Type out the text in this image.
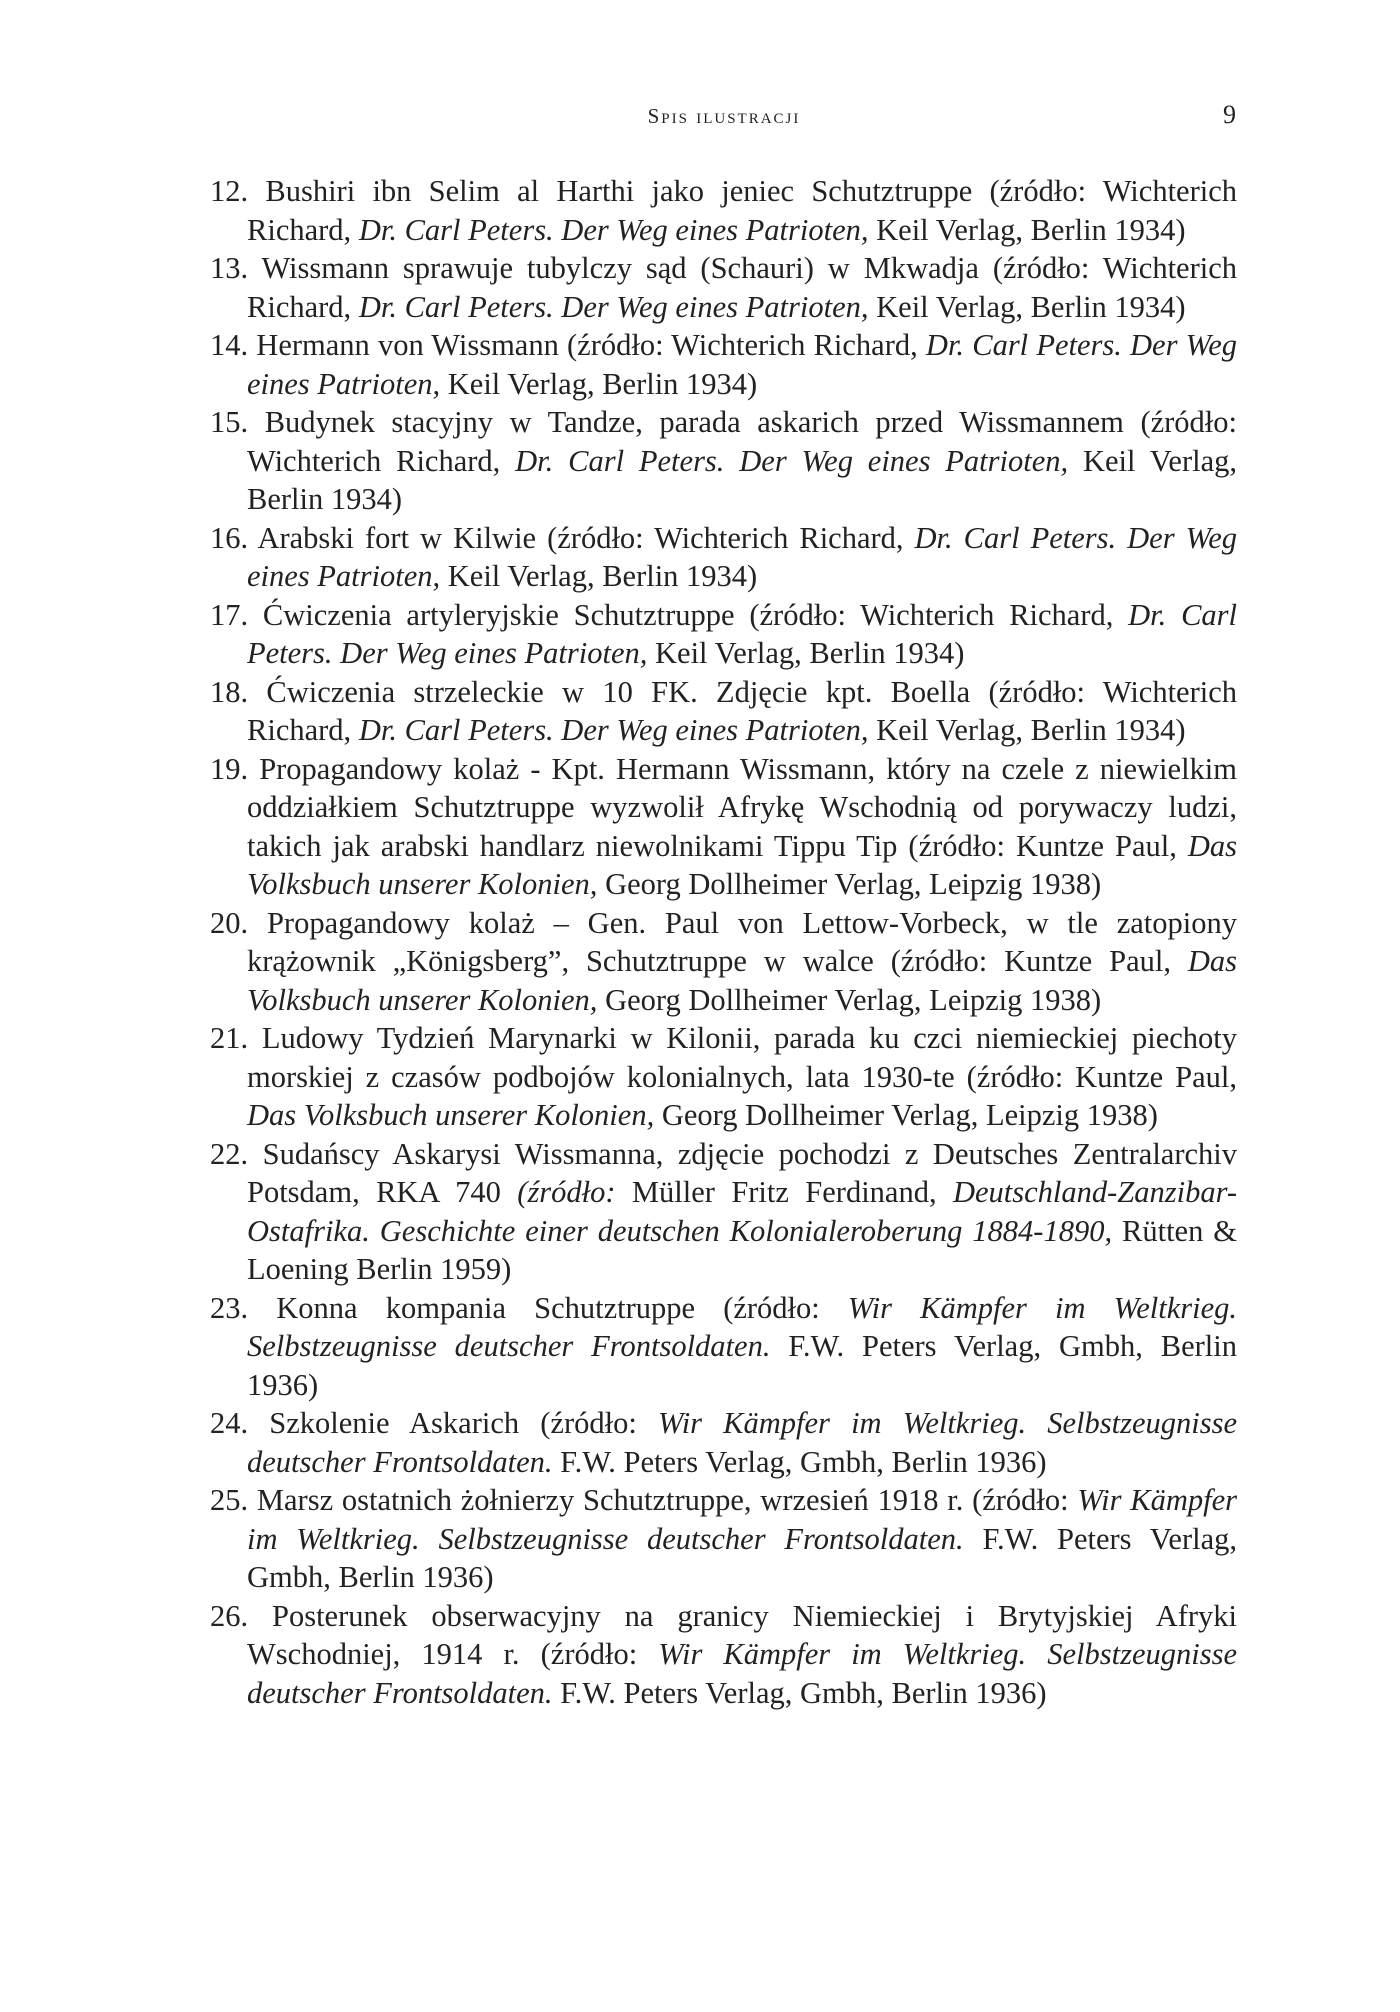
Spis ilustracji	9
12. Bushiri ibn Selim al Harthi jako jeniec Schutztruppe (źródło: Wichterich Richard, Dr. Carl Peters. Der Weg eines Patrioten, Keil Verlag, Berlin 1934)
13. Wissmann sprawuje tubylczy sąd (Schauri) w Mkwadja (źródło: Wichterich Richard, Dr. Carl Peters. Der Weg eines Patrioten, Keil Verlag, Berlin 1934)
14. Hermann von Wissmann (źródło: Wichterich Richard, Dr. Carl Peters. Der Weg eines Patrioten, Keil Verlag, Berlin 1934)
15. Budynek stacyjny w Tandze, parada askarich przed Wissmannem (źródło: Wichterich Richard, Dr. Carl Peters. Der Weg eines Patrioten, Keil Verlag, Berlin 1934)
16. Arabski fort w Kilwie (źródło: Wichterich Richard, Dr. Carl Peters. Der Weg eines Patrioten, Keil Verlag, Berlin 1934)
17. Ćwiczenia artyleryjskie Schutztruppe (źródło: Wichterich Richard, Dr. Carl Peters. Der Weg eines Patrioten, Keil Verlag, Berlin 1934)
18. Ćwiczenia strzeleckie w 10 FK. Zdjęcie kpt. Boella (źródło: Wichterich Richard, Dr. Carl Peters. Der Weg eines Patrioten, Keil Verlag, Berlin 1934)
19. Propagandowy kolaż - Kpt. Hermann Wissmann, który na czele z niewielkim oddziałkiem Schutztruppe wyzwolił Afrykę Wschodnią od porywaczy ludzi, takich jak arabski handlarz niewolnikami Tippu Tip (źródło: Kuntze Paul, Das Volksbuch unserer Kolonien, Georg Dollheimer Verlag, Leipzig 1938)
20. Propagandowy kolaż – Gen. Paul von Lettow-Vorbeck, w tle zatopiony krążownik „Königsberg”, Schutztruppe w walce (źródło: Kuntze Paul, Das Volksbuch unserer Kolonien, Georg Dollheimer Verlag, Leipzig 1938)
21. Ludowy Tydzień Marynarki w Kilonii, parada ku czci niemieckiej piechoty morskiej z czasów podbojów kolonialnych, lata 1930-te (źródło: Kuntze Paul, Das Volksbuch unserer Kolonien, Georg Dollheimer Verlag, Leipzig 1938)
22. Sudańscy Askarysi Wissmanna, zdjęcie pochodzi z Deutsches Zentralarchiv Potsdam, RKA 740 (źródło: Müller Fritz Ferdinand, Deutschland-Zanzibar-Ostafrika. Geschichte einer deutschen Kolonialeroberung 1884-1890, Rütten & Loening Berlin 1959)
23. Konna kompania Schutztruppe (źródło: Wir Kämpfer im Weltkrieg. Selbstzeugnisse deutscher Frontsoldaten. F.W. Peters Verlag, Gmbh, Berlin 1936)
24. Szkolenie Askarich (źródło: Wir Kämpfer im Weltkrieg. Selbstzeugnisse deutscher Frontsoldaten. F.W. Peters Verlag, Gmbh, Berlin 1936)
25. Marsz ostatnich żołnierzy Schutztruppe, wrzesień 1918 r. (źródło: Wir Kämpfer im Weltkrieg. Selbstzeugnisse deutscher Frontsoldaten. F.W. Peters Verlag, Gmbh, Berlin 1936)
26. Posterunek obserwacyjny na granicy Niemieckiej i Brytyjskiej Afryki Wschodniej, 1914 r. (źródło: Wir Kämpfer im Weltkrieg. Selbstzeugnisse deutscher Frontsoldaten. F.W. Peters Verlag, Gmbh, Berlin 1936)
